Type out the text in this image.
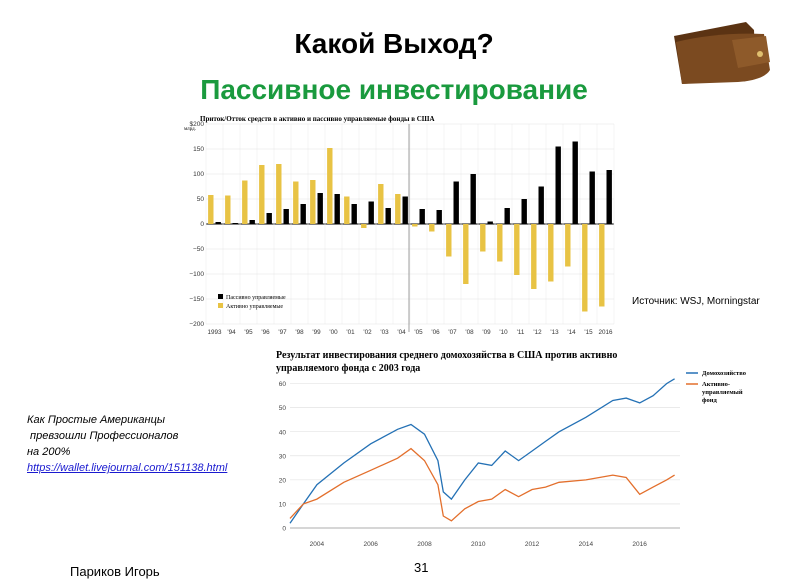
Какой Выход?
Пассивное инвестирование
Приток/Отток средств в активно и пассивно управляемые фонды в США
млрд.
$200
150
100
50
0
−50
−100
−150
−200
1993 '94 '95 '96 '97 '98 '99 '00 '01 '02 '03 '04 '05 '06 '07 '08 '09 '10 '11 '12 '13 '14 '15 2016
Пассивно управляемые
Активно управляемые	Источник: WSJ, Morningstar
Результат инвестирования среднего домохозяйства в США против активно
управляемого фонда с 2003 года
0
10
20
30
40
50
60
2004	2006	2008	2010	2012	2014	2016
Домохозяйство
Активно-
управляемый
фонд
Как Простые Американцы
превзошли Профессионалов
на 200%
https://wallet.livejournal.com/151138.html
Париков Игорь	31
